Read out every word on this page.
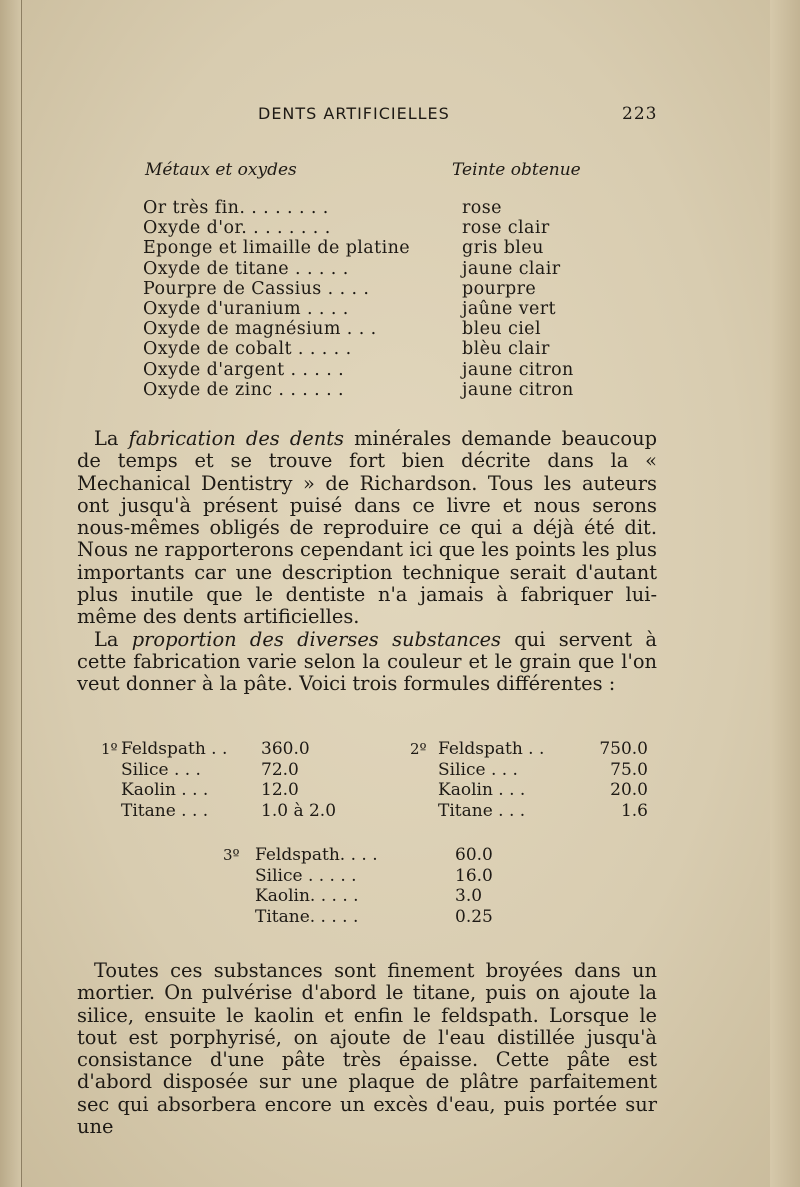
DENTS ARTIFICIELLES	223
Métaux et oxydes	Teinte obtenue
Or très fin. . . . . . . .	rose
Oxyde d'or. . . . . . . .	rose clair
Eponge et limaille de platine	gris bleu
Oxyde de titane . . . . .	jaune clair
Pourpre de Cassius . . . .	pourpre
Oxyde d'uranium . . . .	jaûne vert
Oxyde de magnésium . . .	bleu ciel
Oxyde de cobalt . . . . .	blèu clair
Oxyde d'argent . . . . .	jaune citron
Oxyde de zinc . . . . . .	jaune citron

La fabrication des dents minérales demande beaucoup de temps et se trouve fort bien décrite dans la « Mechanical Dentistry » de Richardson. Tous les auteurs ont jusqu'à présent puisé dans ce livre et nous serons nous-mêmes obligés de reproduire ce qui a déjà été dit. Nous ne rapporterons cependant ici que les points les plus importants car une description technique serait d'autant plus inutile que le dentiste n'a jamais à fabriquer lui-même des dents artificielles.

La proportion des diverses substances qui servent à cette fabrication varie selon la couleur et le grain que l'on veut donner à la pâte. Voici trois formules différentes :

1º Feldspath . . 360.0
Silice . . .	72.0
Kaolin . . .	12.0
Titane . . .	1.0 à 2.0
2º Feldspath . .	750.0
Silice . . .	75.0
Kaolin . . .	20.0
Titane . . .	1.6
3º Feldspath. . . .	60.0
Silice . . . . .	16.0
Kaolin. . . . .	3.0
Titane. . . . .	0.25

Toutes ces substances sont finement broyées dans un mortier. On pulvérise d'abord le titane, puis on ajoute la silice, ensuite le kaolin et enfin le feldspath. Lorsque le tout est porphyrisé, on ajoute de l'eau distillée jusqu'à consistance d'une pâte très épaisse. Cette pâte est d'abord disposée sur une plaque de plâtre parfaitement sec qui absorbera encore un excès d'eau, puis portée sur une
